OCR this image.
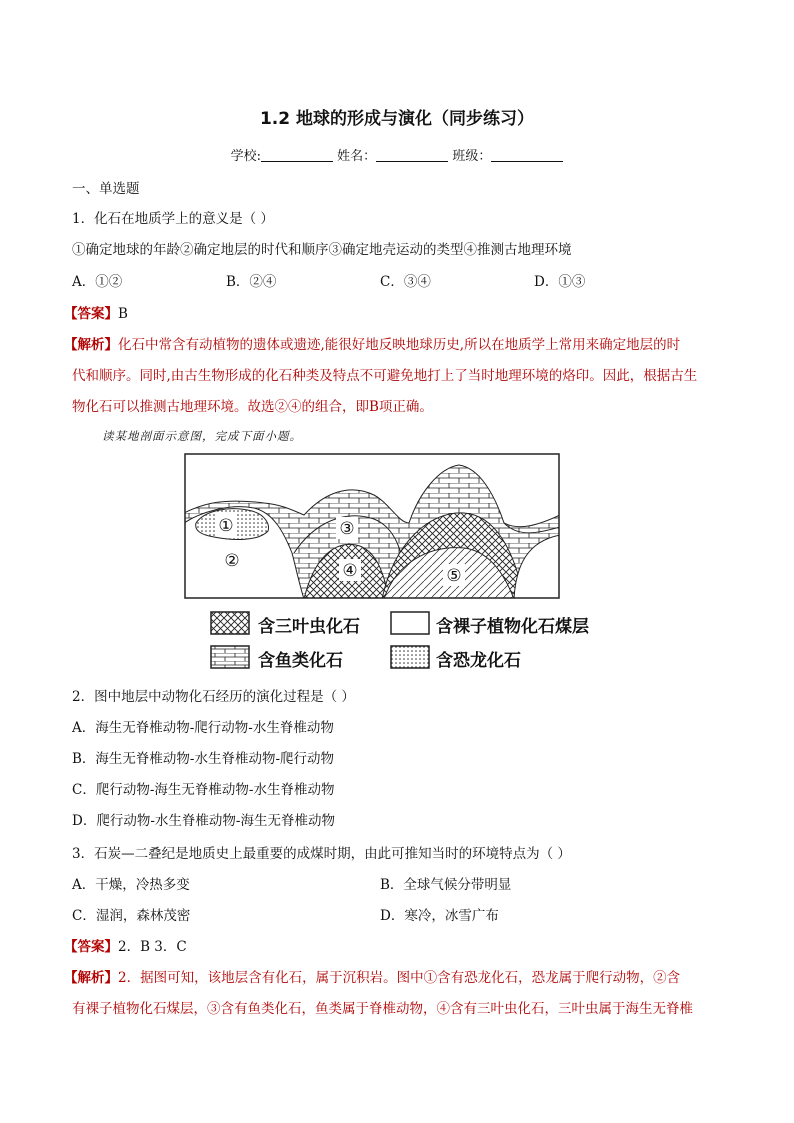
1.2 地球的形成与演化（同步练习）
学校:	姓名：	班级：
一、单选题
1．化石在地质学上的意义是（ ）
①确定地球的年龄②确定地层的时代和顺序③确定地壳运动的类型④推测古地理环境
A．①②	B．②④	C．③④	D．①③
【答案】B
【解析】化石中常含有动植物的遗体或遗迹,能很好地反映地球历史,所以在地质学上常用来确定地层的时
代和顺序。同时,由古生物形成的化石种类及特点不可避免地打上了当时地理环境的烙印。因此，根据古生
物化石可以推测古地理环境。故选②④的组合，即B项正确。
读某地剖面示意图，完成下面小题。
①
②
③
④	⑤
含三叶虫化石	含裸子植物化石煤层
含鱼类化石	含恐龙化石
2．图中地层中动物化石经历的演化过程是（ ）
A．海生无脊椎动物-爬行动物-水生脊椎动物
B．海生无脊椎动物-水生脊椎动物-爬行动物
C．爬行动物-海生无脊椎动物-水生脊椎动物
D．爬行动物-水生脊椎动物-海生无脊椎动物
3．石炭—二叠纪是地质史上最重要的成煤时期，由此可推知当时的环境特点为（ ）
A．干燥，冷热多变	B．全球气候分带明显
C．湿润，森林茂密	D．寒冷，冰雪广布
【答案】2．B 3．C
【解析】2．据图可知，该地层含有化石，属于沉积岩。图中①含有恐龙化石，恐龙属于爬行动物，②含
有裸子植物化石煤层，③含有鱼类化石，鱼类属于脊椎动物，④含有三叶虫化石，三叶虫属于海生无脊椎
